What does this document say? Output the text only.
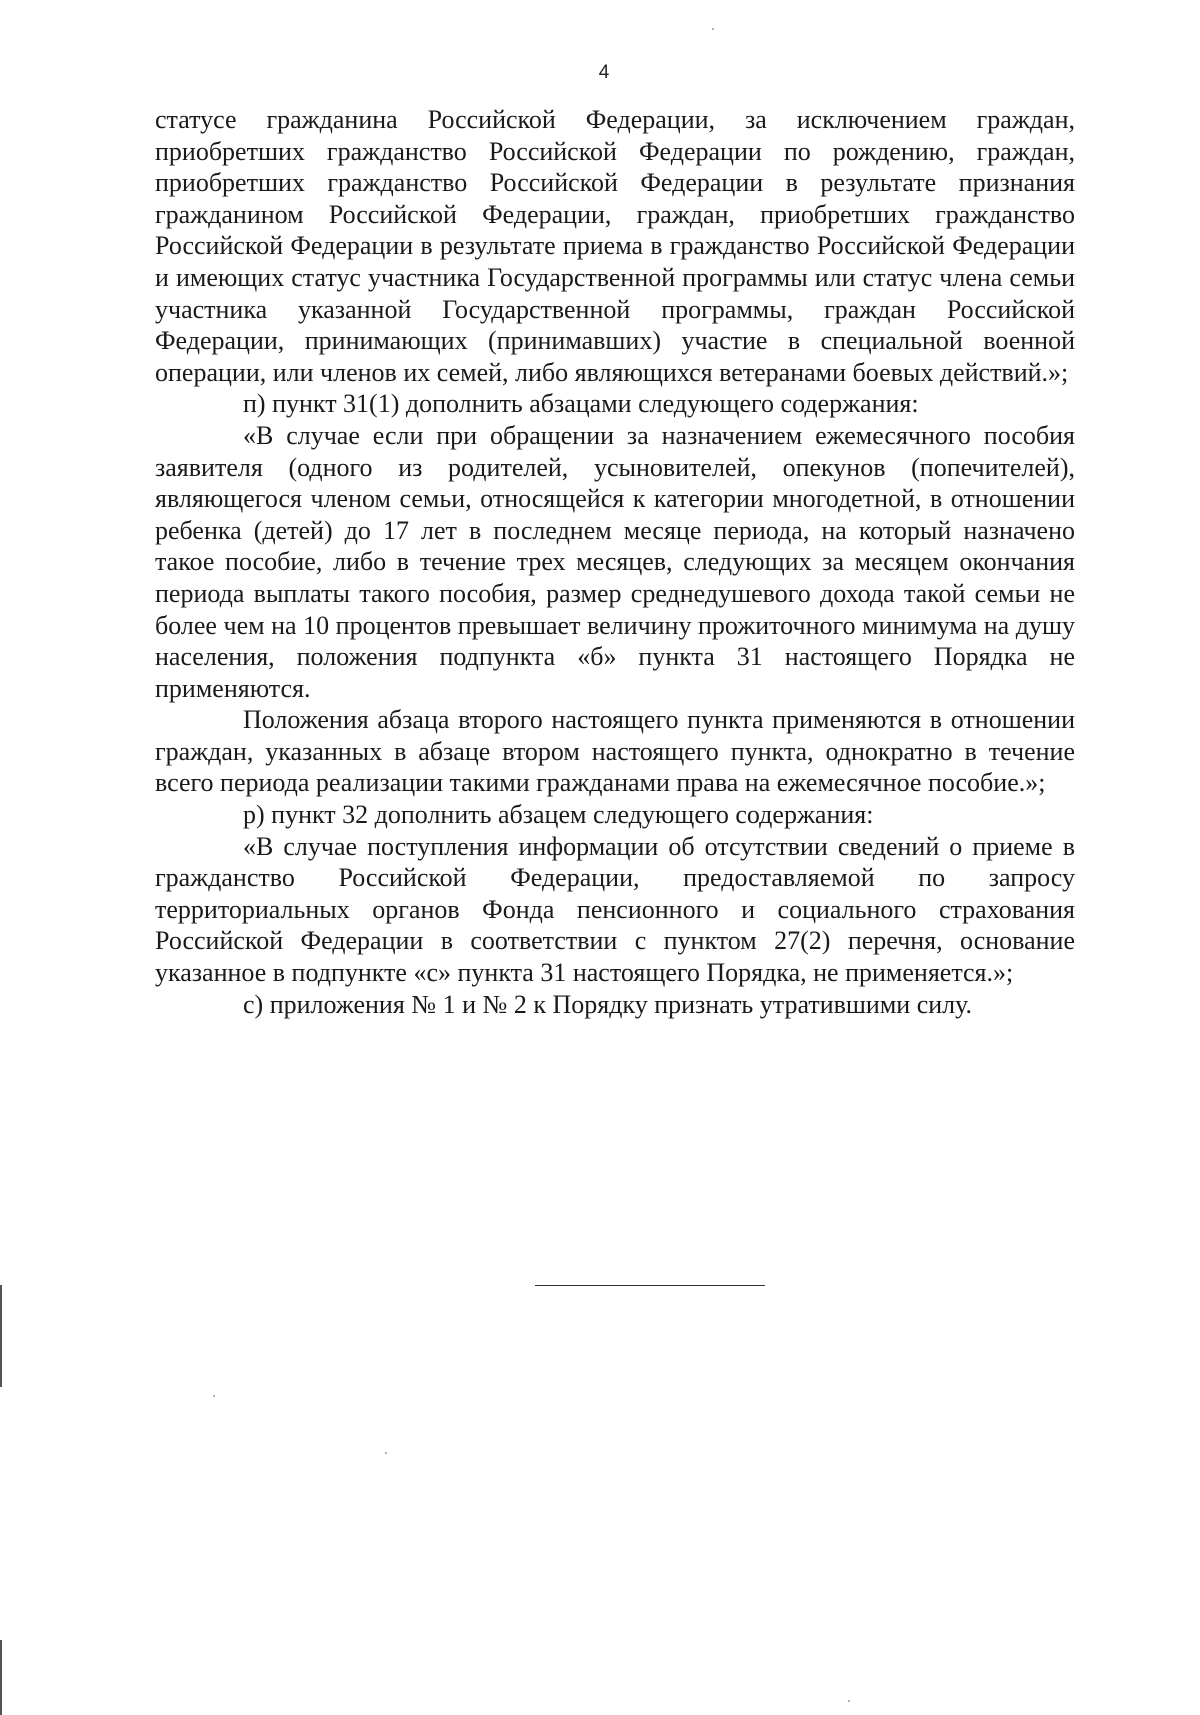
4

статусе гражданина Российской Федерации, за исключением граждан, приобретших гражданство Российской Федерации по рождению, граждан, приобретших гражданство Российской Федерации в результате признания гражданином Российской Федерации, граждан, приобретших гражданство Российской Федерации в результате приема в гражданство Российской Федерации и имеющих статус участника Государственной программы или статус члена семьи участника указанной Государственной программы, граждан Российской Федерации, принимающих (принимавших) участие в специальной военной операции, или членов их семей, либо являющихся ветеранами боевых действий.»;

п) пункт 31(1) дополнить абзацами следующего содержания:

«В случае если при обращении за назначением ежемесячного пособия заявителя (одного из родителей, усыновителей, опекунов (попечителей), являющегося членом семьи, относящейся к категории многодетной, в отношении ребенка (детей) до 17 лет в последнем месяце периода, на который назначено такое пособие, либо в течение трех месяцев, следующих за месяцем окончания периода выплаты такого пособия, размер среднедушевого дохода такой семьи не более чем на 10 процентов превышает величину прожиточного минимума на душу населения, положения подпункта «б» пункта 31 настоящего Порядка не применяются.

Положения абзаца второго настоящего пункта применяются в отношении граждан, указанных в абзаце втором настоящего пункта, однократно в течение всего периода реализации такими гражданами права на ежемесячное пособие.»;

р) пункт 32 дополнить абзацем следующего содержания:

«В случае поступления информации об отсутствии сведений о приеме в гражданство Российской Федерации, предоставляемой по запросу территориальных органов Фонда пенсионного и социального страхования Российской Федерации в соответствии с пунктом 27(2) перечня, основание указанное в подпункте «с» пункта 31 настоящего Порядка, не применяется.»;

с) приложения № 1 и № 2 к Порядку признать утратившими силу.
